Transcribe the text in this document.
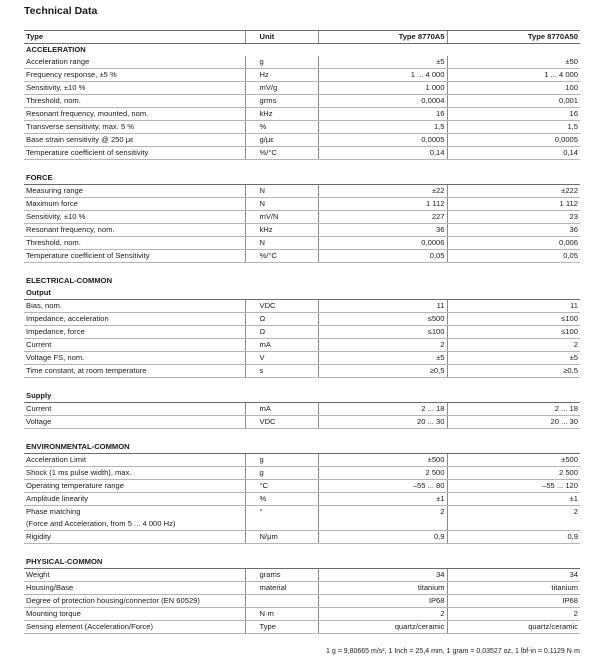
Technical Data
Type	Unit	Type 8770A5	Type 8770A50
ACCELERATION			
Acceleration range	g	±5	±50
Frequency response, ±5 %	Hz	1 ... 4 000	1 ... 4 000
Sensitivity, ±10 %	mV/g	1 000	100
Threshold, nom.	grms	0,0004	0,001
Resonant frequency, mounted, nom.	kHz	16	16
Transverse sensitivity, max. 5 %	%	1,5	1,5
Base strain sensitivity @ 250 με	g/με	0,0005	0,0005
Temperature coefficient of sensitivity	%/°C	0,14	0,14

FORCE			
Measuring range	N	±22	±222
Maximum force	N	1 112	1 112
Sensitivity, ±10 %	mV/N	227	23
Resonant frequency, nom.	kHz	36	36
Threshold, nom.	N	0,0006	0,006
Temperature coefficient of Sensitivity	%/°C	0,05	0,05

ELECTRICAL-COMMON			
Output			
Bias, nom.	VDC	11	11
Impedance, acceleration	Ω	≤500	≤100
Impedance, force	Ω	≤100	≤100
Current	mA	2	2
Voltage FS, nom.	V	±5	±5
Time constant, at room temperature	s	≥0,5	≥0,5

Supply			
Current	mA	2 ... 18	2 ... 18
Voltage	VDC	20 ... 30	20 ... 30

ENVIRONMENTAL-COMMON			
Acceleration Limit	g	±500	±500
Shock (1 ms pulse width), max.	g	2 500	2 500
Operating temperature range	°C	–55 ... 80	–55 ... 120
Amplitude linearity	%	±1	±1
Phase matching	°	2	2
(Force and Acceleration, from 5 ... 4 000 Hz)			
Rigidity	N/μm	0,9	0,9

PHYSICAL-COMMON			
Weight	grams	34	34
Housing/Base	material	titanium	titanium
Degree of protection housing/connector (EN 60529)		IP68	IP68
Mounting torque	N·m	2	2
Sensing element (Acceleration/Force)	Type	quartz/ceramic	quartz/ceramic
1 g = 9,80665 m/s², 1 Inch = 25,4 mm, 1 gram = 0,03527 oz, 1 lbf-in = 0,1129 N·m
